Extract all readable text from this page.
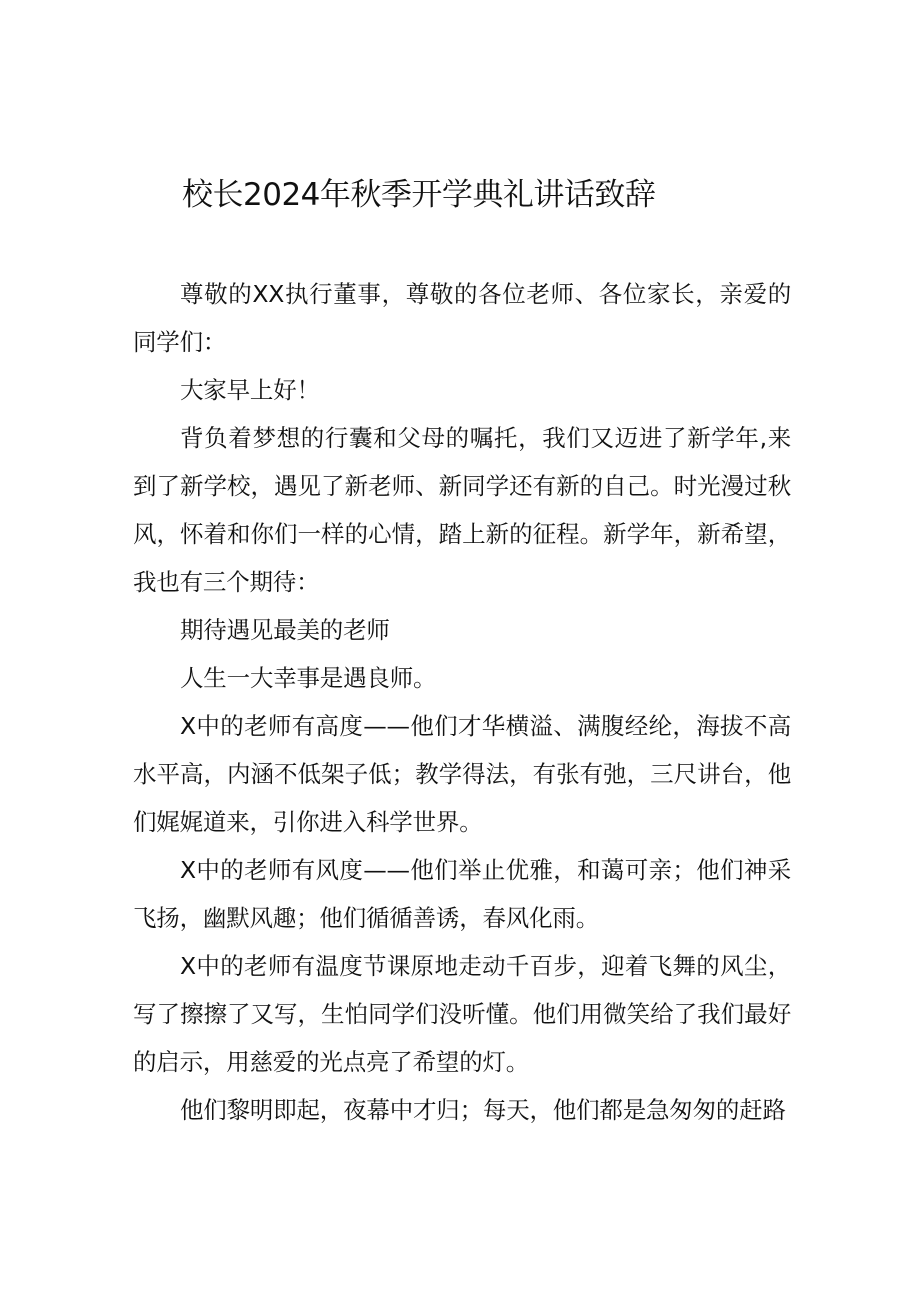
校长2024年秋季开学典礼讲话致辞

尊敬的XX执行董事，尊敬的各位老师、各位家长，亲爱的同学们：

大家早上好！

背负着梦想的行囊和父母的嘱托，我们又迈进了新学年,来到了新学校，遇见了新老师、新同学还有新的自己。时光漫过秋风，怀着和你们一样的心情，踏上新的征程。新学年，新希望，我也有三个期待：

期待遇见最美的老师

人生一大幸事是遇良师。

X中的老师有高度——他们才华横溢、满腹经纶，海拔不高水平高，内涵不低架子低；教学得法，有张有弛，三尺讲台，他们娓娓道来，引你进入科学世界。

X中的老师有风度——他们举止优雅，和蔼可亲；他们神采飞扬，幽默风趣；他们循循善诱，春风化雨。

X中的老师有温度节课原地走动千百步，迎着飞舞的风尘，写了擦擦了又写，生怕同学们没听懂。他们用微笑给了我们最好的启示，用慈爱的光点亮了希望的灯。

他们黎明即起，夜幕中才归；每天，他们都是急匆匆的赶路
